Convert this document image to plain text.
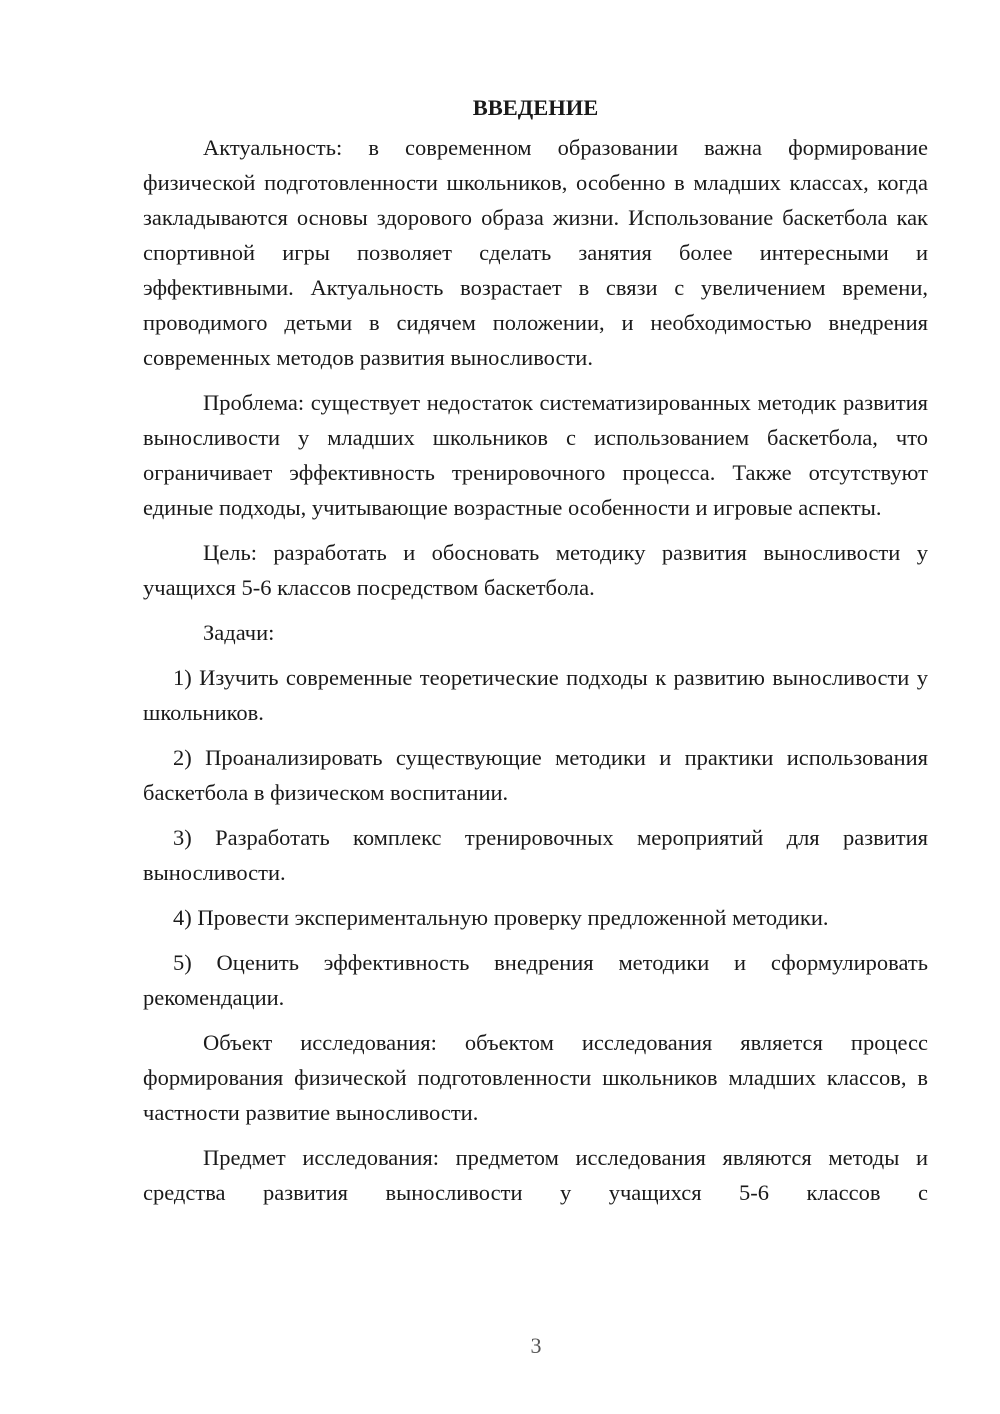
ВВЕДЕНИЕ

Актуальность: в современном образовании важна формирование физической подготовленности школьников, особенно в младших классах, когда закладываются основы здорового образа жизни. Использование баскетбола как спортивной игры позволяет сделать занятия более интересными и эффективными. Актуальность возрастает в связи с увеличением времени, проводимого детьми в сидячем положении, и необходимостью внедрения современных методов развития выносливости.

Проблема: существует недостаток систематизированных методик развития выносливости у младших школьников с использованием баскетбола, что ограничивает эффективность тренировочного процесса. Также отсутствуют единые подходы, учитывающие возрастные особенности и игровые аспекты.

Цель: разработать и обосновать методику развития выносливости у учащихся 5-6 классов посредством баскетбола.

Задачи:

1) Изучить современные теоретические подходы к развитию выносливости у школьников.

2) Проанализировать существующие методики и практики использования баскетбола в физическом воспитании.

3) Разработать комплекс тренировочных мероприятий для развития выносливости.

4) Провести экспериментальную проверку предложенной методики.

5) Оценить эффективность внедрения методики и сформулировать рекомендации.

Объект исследования: объектом исследования является процесс формирования физической подготовленности школьников младших классов, в частности развитие выносливости.

Предмет исследования: предметом исследования являются методы и средства развития выносливости у учащихся 5-6 классов с

3
